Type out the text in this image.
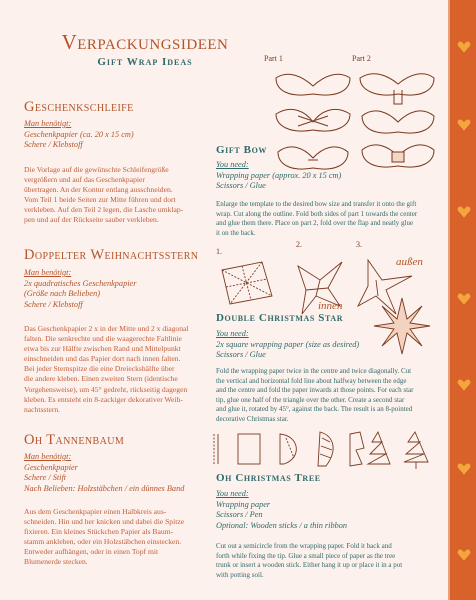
Verpackungsideen
Gift Wrap Ideas	Part 1	Part 2
Geschenkschleife
Man benötigt:
Geschenkpapier (ca. 20 x 15 cm)
Schere / Klebstoff
Die Vorlage auf die gewünschte Schleifengröße
vergrößern und auf das Geschenkpapier
übertragen. An der Kontur entlang ausschneiden.
Vom Teil 1 beide Seiten zur Mitte führen und dort
verkleben. Auf den Teil 2 legen, die Lasche umklap-
pen und auf der Rückseite sauber verkleben.
Gift Bow
You need:
Wrapping paper (approx. 20 x 15 cm)
Scissors / Glue
Enlarge the template to the desired bow size and transfer it onto the gift
wrap. Cut along the outline. Fold both sides of part 1 towards the center
and glue them there. Place on part 2, fold over the flap and neatly glue
it on the back.
1.
2.	3.
außen
innen
Doppelter Weihnachtsstern
Man benötigt:
2x quadratisches Geschenkpapier
(Größe nach Belieben)
Schere / Klebstoff
Das Geschenkpapier 2 x in der Mitte und 2 x diagonal
falten. Die senkrechte und die waagerechte Faltlinie
etwa bis zur Hälfte zwischen Rand und Mittelpunkt
einschneiden und das Papier dort nach innen falten.
Bei jeder Sternspitze die eine Dreieckshälfte über
die andere kleben. Einen zweiten Stern (identische
Vorgehensweise), um 45° gedreht, rückseitig dagegen
kleben. Es entsteht ein 8-zackiger dekorativer Weih-
nachtsstern.
Double Christmas Star
You need:
2x square wrapping paper (size as desired)
Scissors / Glue
Fold the wrapping paper twice in the centre and twice diagonally. Cut
the vertical and horizontal fold line about halfway between the edge
and the centre and fold the paper inwards at those points. For each star
tip, glue one half of the triangle over the other. Create a second star
and glue it, rotated by 45°, against the back. The result is an 8-pointed
decorative Christmas star.
Oh Tannenbaum
Man benötigt:
Geschenkpapier
Schere / Stift
Nach Belieben: Holzstäbchen / ein dünnes Band
Aus dem Geschenkpapier einen Halbkreis aus-
schneiden. Hin und her knicken und dabei die Spitze
fixieren. Ein kleines Stückchen Papier als Baum-
stamm ankleben, oder ein Holzstäbchen einstecken.
Entweder aufhängen, oder in einen Topf mit
Blumenerde stecken.
Oh Christmas Tree
You need:
Wrapping paper
Scissors / Pen
Optional: Wooden sticks / a thin ribbon
Cut out a semicircle from the wrapping paper. Fold it back and
forth while fixing the tip. Glue a small piece of paper as the tree
trunk or insert a wooden stick. Either hang it up or place it in a pot
with potting soil.
